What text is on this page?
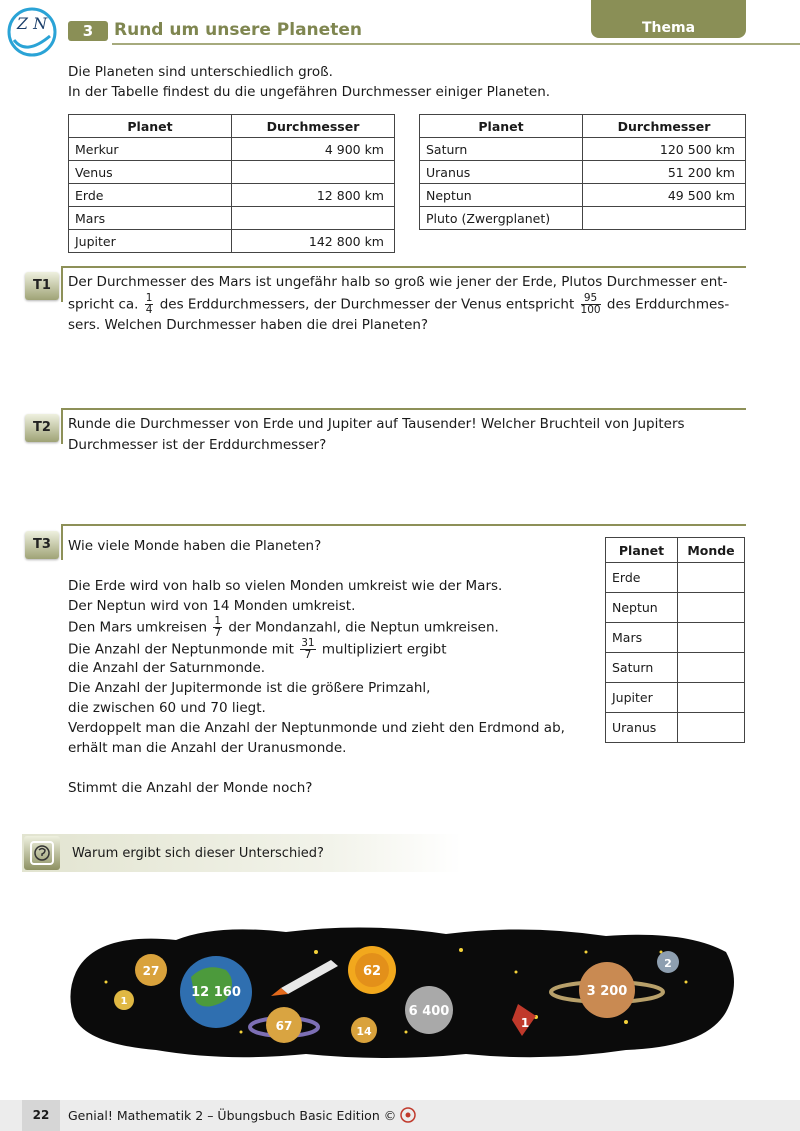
Z N	3	Rund um unsere Planeten	Thema
Die Planeten sind unterschiedlich groß.
In der Tabelle findest du die ungefähren Durchmesser einiger Planeten.
Planet	Durchmesser
Merkur	4 900 km
Venus	
Erde	12 800 km
Mars	
Jupiter	142 800 km
Planet	Durchmesser
Saturn	120 500 km
Uranus	51 200 km
Neptun	49 500 km
Pluto (Zwergplanet)	
T1	Der Durchmesser des Mars ist ungefähr halb so groß wie jener der Erde, Plutos Durchmesser ent-
spricht ca. $\frac{1}{4}$ des Erddurchmessers, der Durchmesser der Venus entspricht $\frac{95}{100}$ des Erddurchmes-
sers. Welchen Durchmesser haben die drei Planeten?
T2	Runde die Durchmesser von Erde und Jupiter auf Tausender! Welcher Bruchteil von Jupiters
Durchmesser ist der Erddurchmesser?
T3	Wie viele Monde haben die Planeten?
Die Erde wird von halb so vielen Monden umkreist wie der Mars.
Der Neptun wird von 14 Monden umkreist.
Den Mars umkreisen $\frac{1}{7}$ der Mondanzahl, die Neptun umkreisen.
Die Anzahl der Neptunmonde mit $\frac{31}{7}$ multipliziert ergibt
die Anzahl der Saturnmonde.
Die Anzahl der Jupitermonde ist die größere Primzahl,
die zwischen 60 und 70 liegt.
Verdoppelt man die Anzahl der Neptunmonde und zieht den Erdmond ab,
erhält man die Anzahl der Uranusmonde.
Stimmt die Anzahl der Monde noch?
Planet	Monde
Erde	
Neptun	
Mars	
Saturn	
Jupiter	
Uranus	
Warum ergibt sich dieser Unterschied?
27
1
12 160
67
62
14
6 400
1
3 200
2
22	Genial! Mathematik 2 – Übungsbuch Basic Edition ©
